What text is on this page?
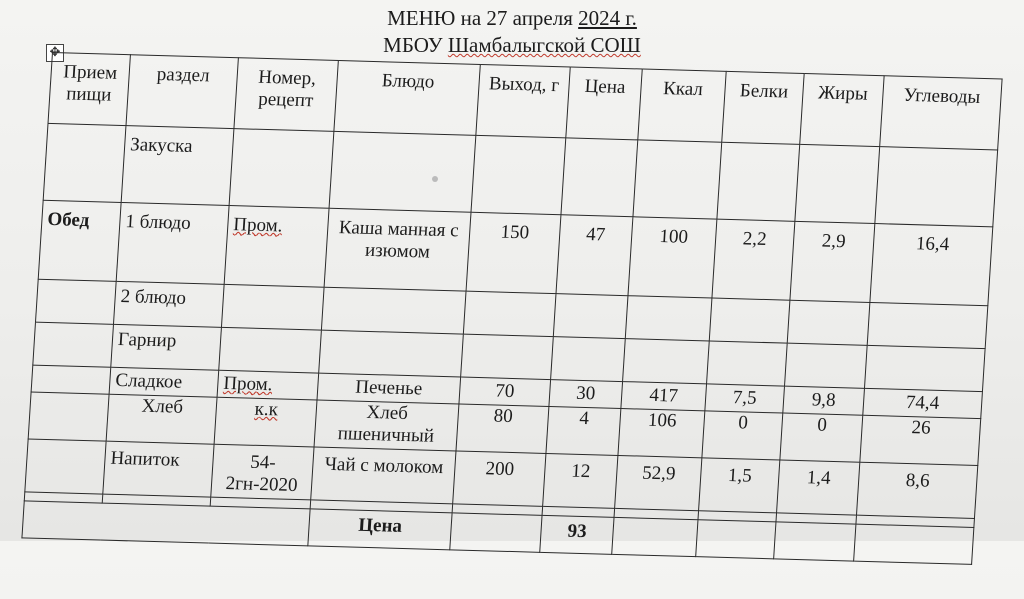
МЕНЮ на 27 апреля 2024 г.
МБОУ Шамбалыгской СОШ
✥
Прием пищи	раздел	Номер, рецепт	Блюдо	Выход, г	Цена	Ккал	Белки	Жиры	Углеводы
	Закуска								
Обед	1 блюдо	Пром.	Каша манная с изюмом	150	47	100	2,2	2,9	16,4
	2 блюдо								
	Гарнир								
	Сладкое	Пром.	Печенье	70	30	417	7,5	9,8	74,4
	Хлеб	к.к	Хлеб пшеничный	80	4	106	0	0	26
	Напиток	54-2гн-2020	Чай с молоком	200	12	52,9	1,5	1,4	8,6

			Цена		93				
